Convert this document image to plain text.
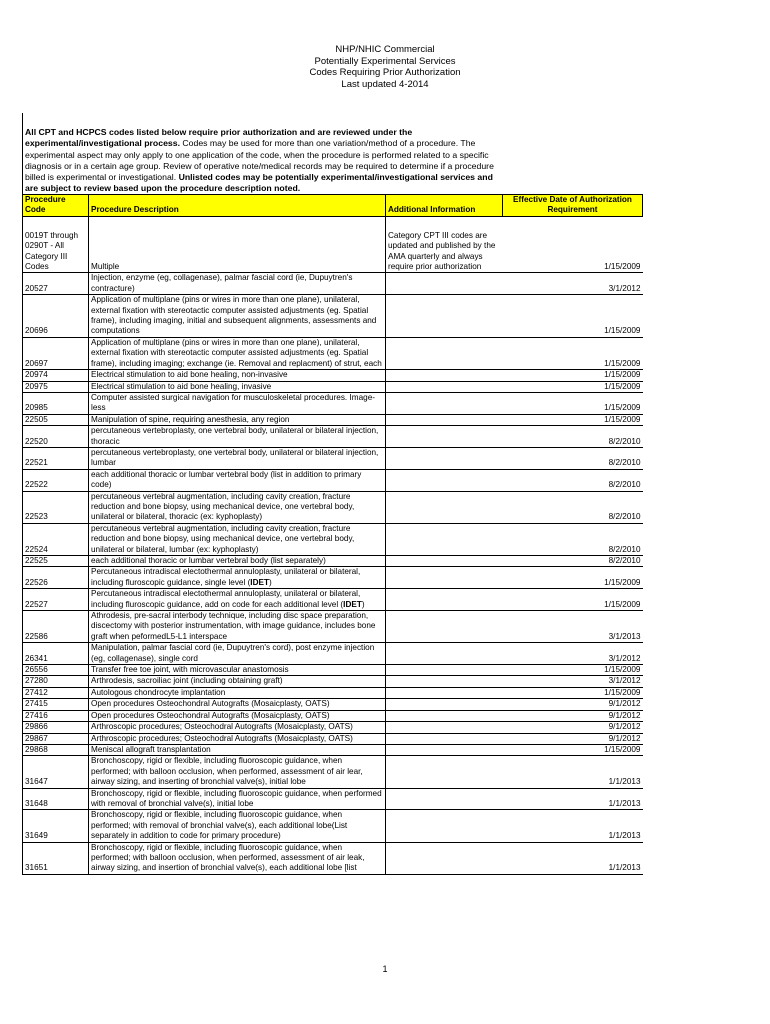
NHP/NHIC Commercial
Potentially Experimental Services
Codes Requiring Prior Authorization
Last updated 4-2014
All CPT and HCPCS codes listed below require prior authorization and are reviewed under the experimental/investigational process. Codes may be used for more than one variation/method of a procedure. The experimental aspect may only apply to one application of the code, when the procedure is performed related to a specific diagnosis or in a certain age group. Review of operative note/medical records may be required to determine if a procedure billed is experimental or investigational. Unlisted codes may be potentially experimental/investigational services and are subject to review based upon the procedure description noted.
Procedure Code	Procedure Description	Additional Information	Effective Date of Authorization Requirement
0019T through 0290T - All Category III Codes	Multiple	Category CPT III codes are updated and published by the AMA quarterly and always require prior authorization	1/15/2009
20527	Injection, enzyme (eg, collagenase), palmar fascial cord (ie, Dupuytren's contracture)		3/1/2012
20696	Application of multiplane (pins or wires in more than one plane), unilateral, external fixation with stereotactic computer assisted adjustments (eg. Spatial frame), including imaging, initial and subsequent alignments, assessments and computations		1/15/2009
20697	Application of multiplane (pins or wires in more than one plane), unilateral, external fixation with stereotactic computer assisted adjustments (eg. Spatial frame), including imaging; exchange (ie. Removal and replacment) of strut, each		1/15/2009
20974	Electrical stimulation to aid bone healing, non-invasive		1/15/2009
20975	Electrical stimulation to aid bone healing, invasive		1/15/2009
20985	Computer assisted surgical navigation for musculoskeletal procedures. Image-less		1/15/2009
22505	Manipulation of spine, requiring anesthesia, any region		1/15/2009
22520	percutaneous vertebroplasty, one vertebral body, unilateral or bilateral injection, thoracic		8/2/2010
22521	percutaneous vertebroplasty, one vertebral body, unilateral or bilateral injection, lumbar		8/2/2010
22522	each additional thoracic or lumbar vertebral body (list in addition to primary code)		8/2/2010
22523	percutaneous vertebral augmentation, including cavity creation, fracture reduction and bone biopsy, using mechanical device, one vertebral body, unilateral or bilateral, thoracic (ex: kyphoplasty)		8/2/2010
22524	percutaneous vertebral augmentation, including cavity creation, fracture reduction and bone biopsy, using mechanical device, one vertebral body, unilateral or bilateral, lumbar (ex: kyphoplasty)		8/2/2010
22525	each additional thoracic or lumbar vertebral body (list separately)		8/2/2010
22526	Percutaneous intradiscal electothermal annuloplasty, unilateral or bilateral, including fluroscopic guidance, single level (IDET)		1/15/2009
22527	Percutaneous intradiscal electothermal annuloplasty, unilateral or bilateral, including fluroscopic guidance, add on code for each additional level (IDET)		1/15/2009
22586	Athrodesis, pre-sacral interbody technique, including disc space preparation, discectomy with posterior instrumentation, with image guidance, includes bone graft when peformedL5-L1 interspace		3/1/2013
26341	Manipulation, palmar fascial cord (ie, Dupuytren's cord), post enzyme injection (eg, collagenase), single cord		3/1/2012
26556	Transfer free toe joint, with microvascular anastomosis		1/15/2009
27280	Arthrodesis, sacroiliac joint (including obtaining graft)		3/1/2012
27412	Autologous chondrocyte implantation		1/15/2009
27415	Open procedures Osteochondral Autografts (Mosaicplasty, OATS)		9/1/2012
27416	Open procedures Osteochondral Autografts (Mosaicplasty, OATS)		9/1/2012
29866	Arthroscopic procedures; Osteochodral Autografts (Mosaicplasty, OATS)		9/1/2012
29867	Arthroscopic procedures; Osteochodral Autografts (Mosaicplasty, OATS)		9/1/2012
29868	Meniscal allograft transplantation		1/15/2009
31647	Bronchoscopy, rigid or flexible, including fluoroscopic guidance, when performed; with balloon occlusion, when performed, assessment of air lear, airway sizing, and inserting of bronchial valve(s), initial lobe		1/1/2013
31648	Bronchoscopy, rigid or flexible, including fluoroscopic guidance, when performed with removal of bronchial valve(s), initial lobe		1/1/2013
31649	Bronchoscopy, rigid or flexible, including fluoroscopic guidance, when performed; with removal of bronchial valve(s), each additional lobe(List separately in addition to code for primary procedure)		1/1/2013
31651	Bronchoscopy, rigid or flexible, including fluoroscopic guidance, when performed; with balloon occlusion, when performed, assessment of air leak, airway sizing, and insertion of bronchial valve(s), each additional lobe [list		1/1/2013
1
